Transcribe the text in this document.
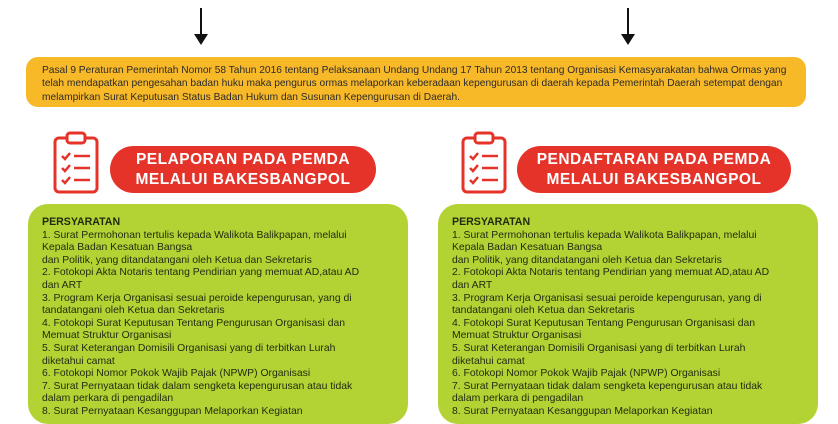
Pasal 9 Peraturan Pemerintah Nomor 58 Tahun 2016 tentang Pelaksanaan Undang Undang 17 Tahun 2013 tentang Organisasi Kemasyarakatan bahwa Ormas yang telah mendapatkan pengesahan badan huku maka pengurus ormas melaporkan keberadaan kepengurusan di daerah kepada Pemerintah Daerah setempat dengan melampirkan Surat Keputusan Status Badan Hukum dan Susunan Kepengurusan di Daerah.

PELAPORAN PADA PEMDA
MELALUI BAKESBANGPOL
PERSYARATAN
1. Surat Permohonan tertulis kepada Walikota Balikpapan, melalui
Kepala Badan Kesatuan Bangsa
dan Politik, yang ditandatangani oleh Ketua dan Sekretaris
2. Fotokopi Akta Notaris tentang Pendirian yang memuat AD,atau AD
dan ART
3. Program Kerja Organisasi sesuai peroide kepengurusan, yang di
tandatangani oleh Ketua dan Sekretaris
4. Fotokopi Surat Keputusan Tentang Pengurusan Organisasi dan
Memuat Struktur Organisasi
5. Surat Keterangan Domisili Organisasi yang di terbitkan Lurah
diketahui camat
6. Fotokopi Nomor Pokok Wajib Pajak (NPWP) Organisasi
7. Surat Pernyataan tidak dalam sengketa kepengurusan atau tidak
dalam perkara di pengadilan
8. Surat Pernyataan Kesanggupan Melaporkan Kegiatan
PENDAFTARAN PADA PEMDA
MELALUI BAKESBANGPOL
PERSYARATAN
1. Surat Permohonan tertulis kepada Walikota Balikpapan, melalui
Kepala Badan Kesatuan Bangsa
dan Politik, yang ditandatangani oleh Ketua dan Sekretaris
2. Fotokopi Akta Notaris tentang Pendirian yang memuat AD,atau AD
dan ART
3. Program Kerja Organisasi sesuai peroide kepengurusan, yang di
tandatangani oleh Ketua dan Sekretaris
4. Fotokopi Surat Keputusan Tentang Pengurusan Organisasi dan
Memuat Struktur Organisasi
5. Surat Keterangan Domisili Organisasi yang di terbitkan Lurah
diketahui camat
6. Fotokopi Nomor Pokok Wajib Pajak (NPWP) Organisasi
7. Surat Pernyataan tidak dalam sengketa kepengurusan atau tidak
dalam perkara di pengadilan
8. Surat Pernyataan Kesanggupan Melaporkan Kegiatan
